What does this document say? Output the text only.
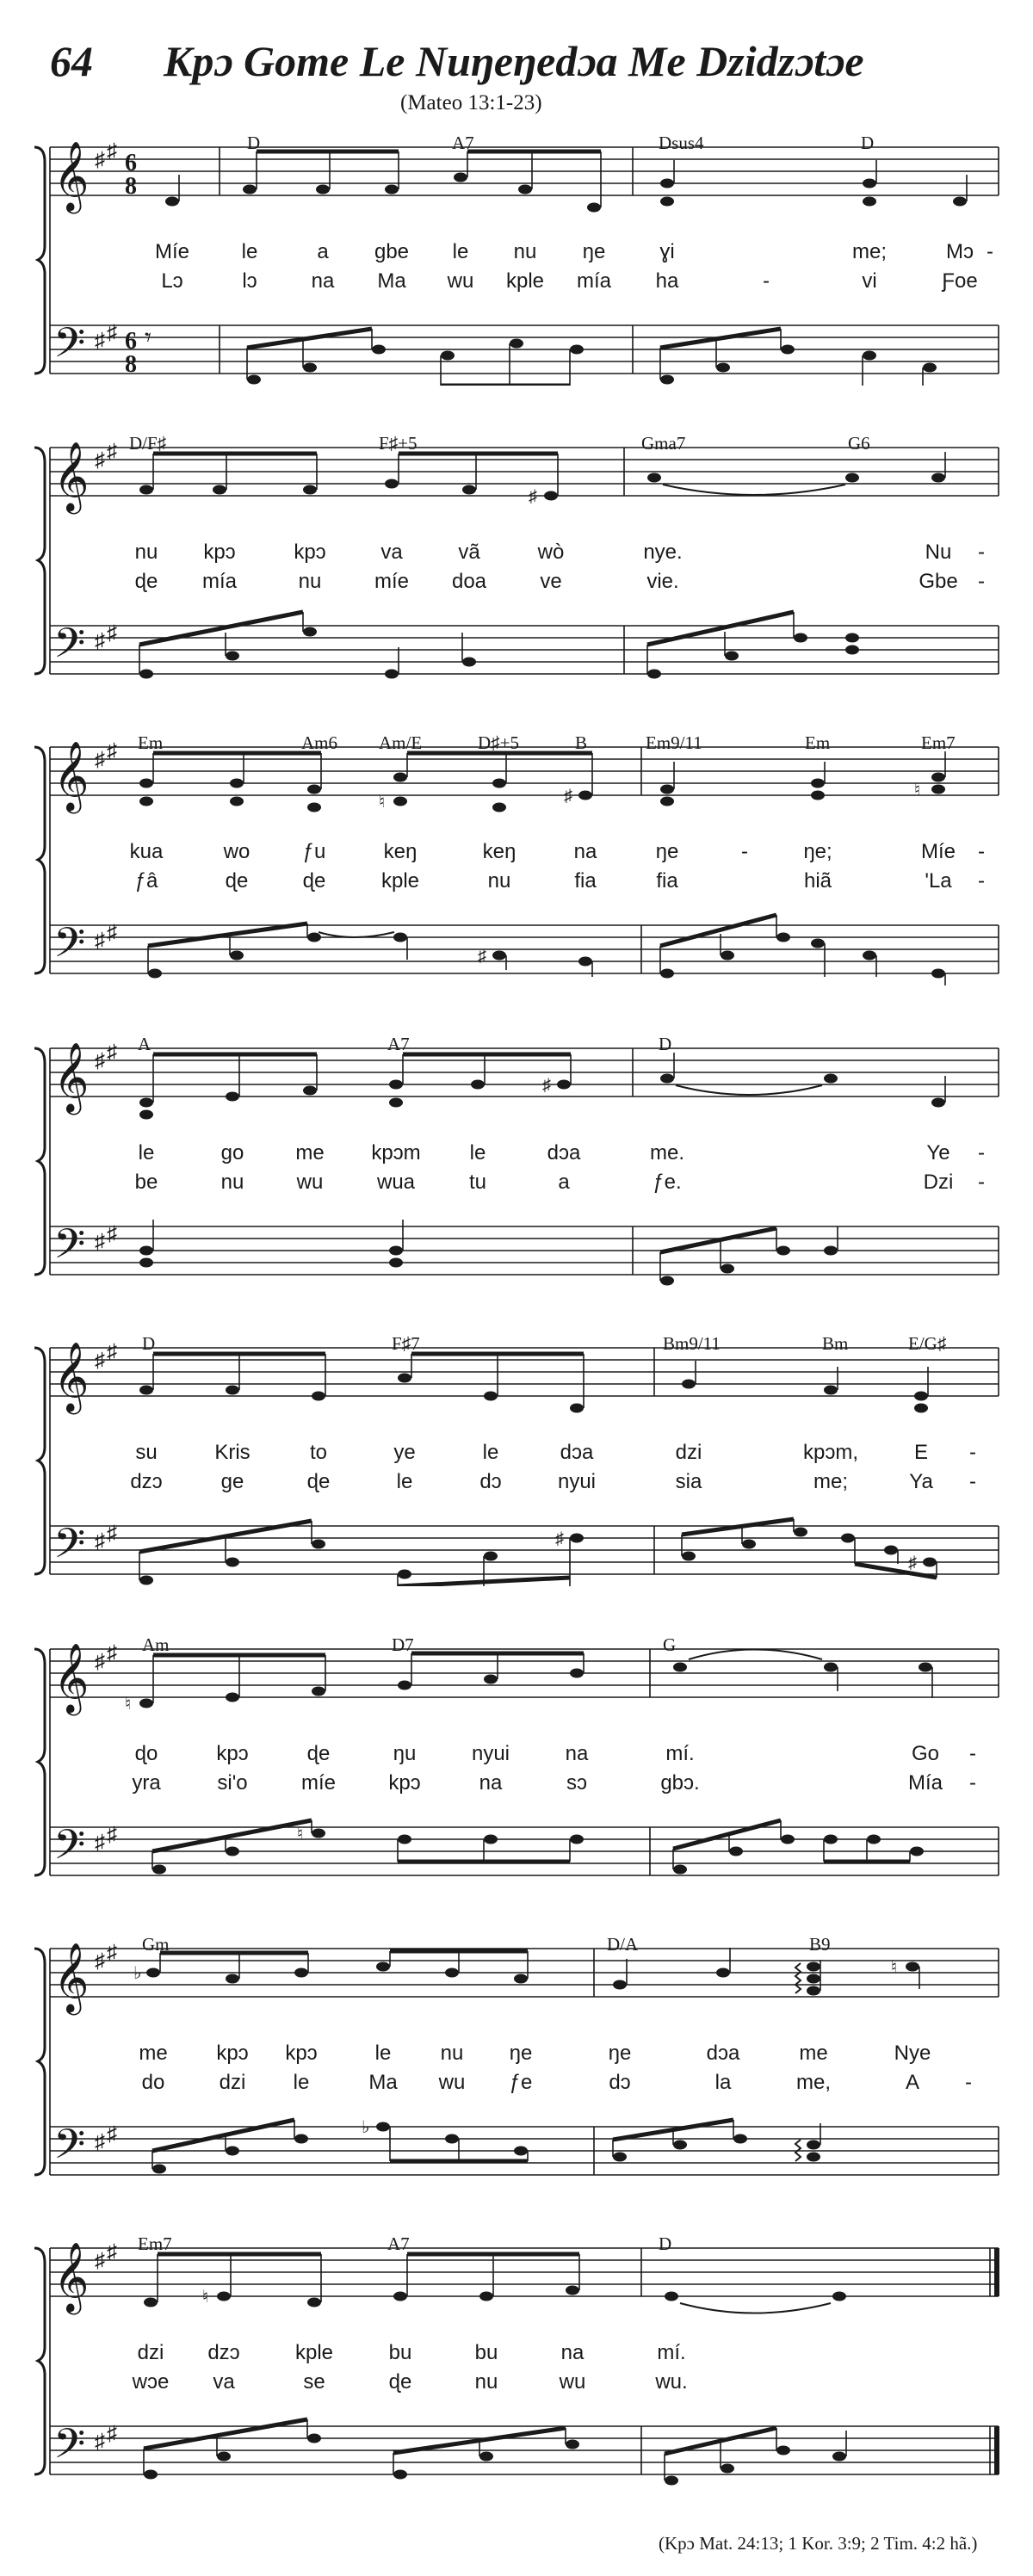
64 Kpɔ Gome Le Nuŋeŋedɔa Me Dzidzɔtɔe
(Mateo 13:1-23)
𝄞
𝄢
♯ ♯
♯ ♯
6
8
6
8
𝄾
D	A7	Dsus4	D
Míe	le	a gbe le nu ŋe	ɣi	me;	Mɔ -
Lɔ	lɔ	na Ma wu kple mía ha	-	vi	Ƒoe
𝄞
𝄢
♯ ♯
♯ ♯
♯
D/F♯	F♯+5	Gma7	G6
nu kpɔ	kpɔ	va	vã	wò	nye.	Nu -
ɖe mía	nu	míe doa	ve	vie.	Gbe -
𝄞
𝄢
♯ ♯
♯ ♯
♮	♯	♮
♯
Em	Am6 Am/E	D♯+5	B	Em9/11	Em	Em7
kua	wo	ƒu	keŋ	keŋ	na	ŋe	-	ŋe;	Míe -
ƒâ	ɖe	ɖe	kple	nu	fia	fia	hiã	'La -
𝄞
𝄢
♯ ♯
♯ ♯
♯
A	A7	D
le	go me kpɔm le	dɔa	me.	Ye -
be	nu	wu	wua	tu	a	ƒe.	Dzi -
𝄞
𝄢
♯ ♯
♯ ♯	♯
♯
D	F♯7	Bm9/11	Bm	E/G♯
su	Kris	to	ye	le	dɔa	dzi	kpɔm,	E -
dzɔ	ge	ɖe	le	dɔ	nyui	sia	me;	Ya -
𝄞
𝄢
♯ ♯
♯ ♯
♮
♮
Am	D7	G
ɖo	kpɔ	ɖe	ŋu	nyui	na	mí.	Go -
yra	si'o	míe	kpɔ	na	sɔ	gbɔ.	Mía -
𝄞
𝄢
♯ ♯
♯ ♯
♭	♮
♭
Gm	D/A	B9
me kpɔ kpɔ	le nu ŋe	ŋe	dɔa	me	Nye
do	dzi le	Ma wu ƒe	dɔ	la	me,	A -
𝄞
𝄢
♯ ♯
♯ ♯
♮
Em7	A7	D
dzi dzɔ	kple	bu	bu	na	mí.
wɔe va	se	ɖe	nu	wu	wu.
(Kpɔ Mat. 24:13; 1 Kor. 3:9; 2 Tim. 4:2 hã.)
